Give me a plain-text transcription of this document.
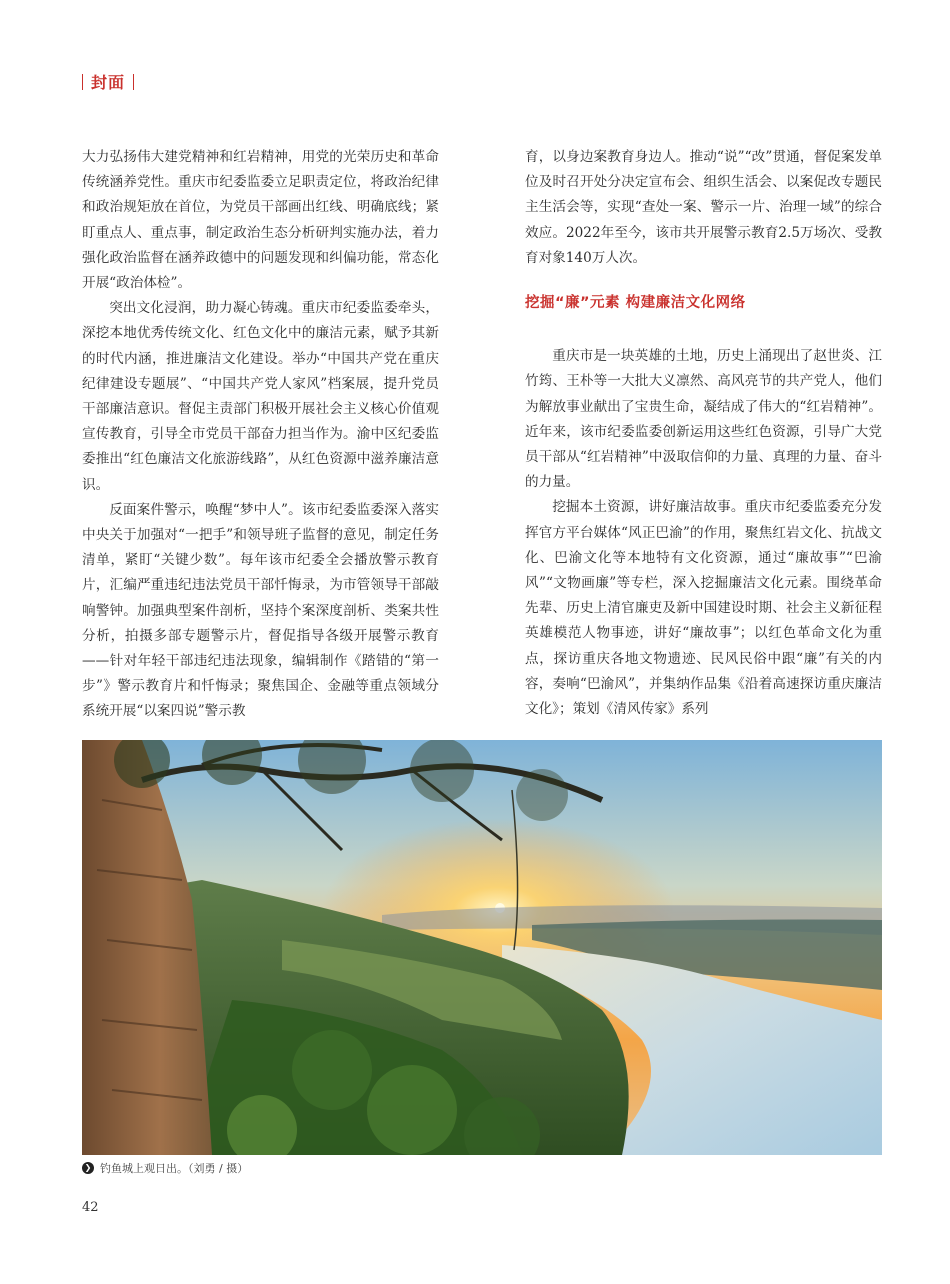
封面

大力弘扬伟大建党精神和红岩精神，用党的光荣历史和革命传统涵养党性。重庆市纪委监委立足职责定位，将政治纪律和政治规矩放在首位，为党员干部画出红线、明确底线；紧盯重点人、重点事，制定政治生态分析研判实施办法，着力强化政治监督在涵养政德中的问题发现和纠偏功能，常态化开展“政治体检”。

突出文化浸润，助力凝心铸魂。重庆市纪委监委牵头，深挖本地优秀传统文化、红色文化中的廉洁元素，赋予其新的时代内涵，推进廉洁文化建设。举办“中国共产党在重庆纪律建设专题展”、“中国共产党人家风”档案展，提升党员干部廉洁意识。督促主责部门积极开展社会主义核心价值观宣传教育，引导全市党员干部奋力担当作为。渝中区纪委监委推出“红色廉洁文化旅游线路”，从红色资源中滋养廉洁意识。

反面案件警示，唤醒“梦中人”。该市纪委监委深入落实中央关于加强对“一把手”和领导班子监督的意见，制定任务清单，紧盯“关键少数”。每年该市纪委全会播放警示教育片，汇编严重违纪违法党员干部忏悔录，为市管领导干部敲响警钟。加强典型案件剖析，坚持个案深度剖析、类案共性分析，拍摄多部专题警示片，督促指导各级开展警示教育——针对年轻干部违纪违法现象，编辑制作《踏错的“第一步”》警示教育片和忏悔录；聚焦国企、金融等重点领域分系统开展“以案四说”警示教

育，以身边案教育身边人。推动“说”“改”贯通，督促案发单位及时召开处分决定宣布会、组织生活会、以案促改专题民主生活会等，实现“查处一案、警示一片、治理一域”的综合效应。2022年至今，该市共开展警示教育2.5万场次、受教育对象140万人次。

挖掘“廉”元素 构建廉洁文化网络

重庆市是一块英雄的土地，历史上涌现出了赵世炎、江竹筠、王朴等一大批大义凛然、高风亮节的共产党人，他们为解放事业献出了宝贵生命，凝结成了伟大的“红岩精神”。近年来，该市纪委监委创新运用这些红色资源，引导广大党员干部从“红岩精神”中汲取信仰的力量、真理的力量、奋斗的力量。

挖掘本土资源，讲好廉洁故事。重庆市纪委监委充分发挥官方平台媒体“风正巴渝”的作用，聚焦红岩文化、抗战文化、巴渝文化等本地特有文化资源，通过“廉故事”“巴渝风”“文物画廉”等专栏，深入挖掘廉洁文化元素。围绕革命先辈、历史上清官廉吏及新中国建设时期、社会主义新征程英雄模范人物事迹，讲好“廉故事”；以红色革命文化为重点，探访重庆各地文物遗迹、民风民俗中跟“廉”有关的内容，奏响“巴渝风”，并集纳作品集《沿着高速探访重庆廉洁文化》；策划《清风传家》系列

❯ 钓鱼城上观日出。（刘勇 / 摄）
42
